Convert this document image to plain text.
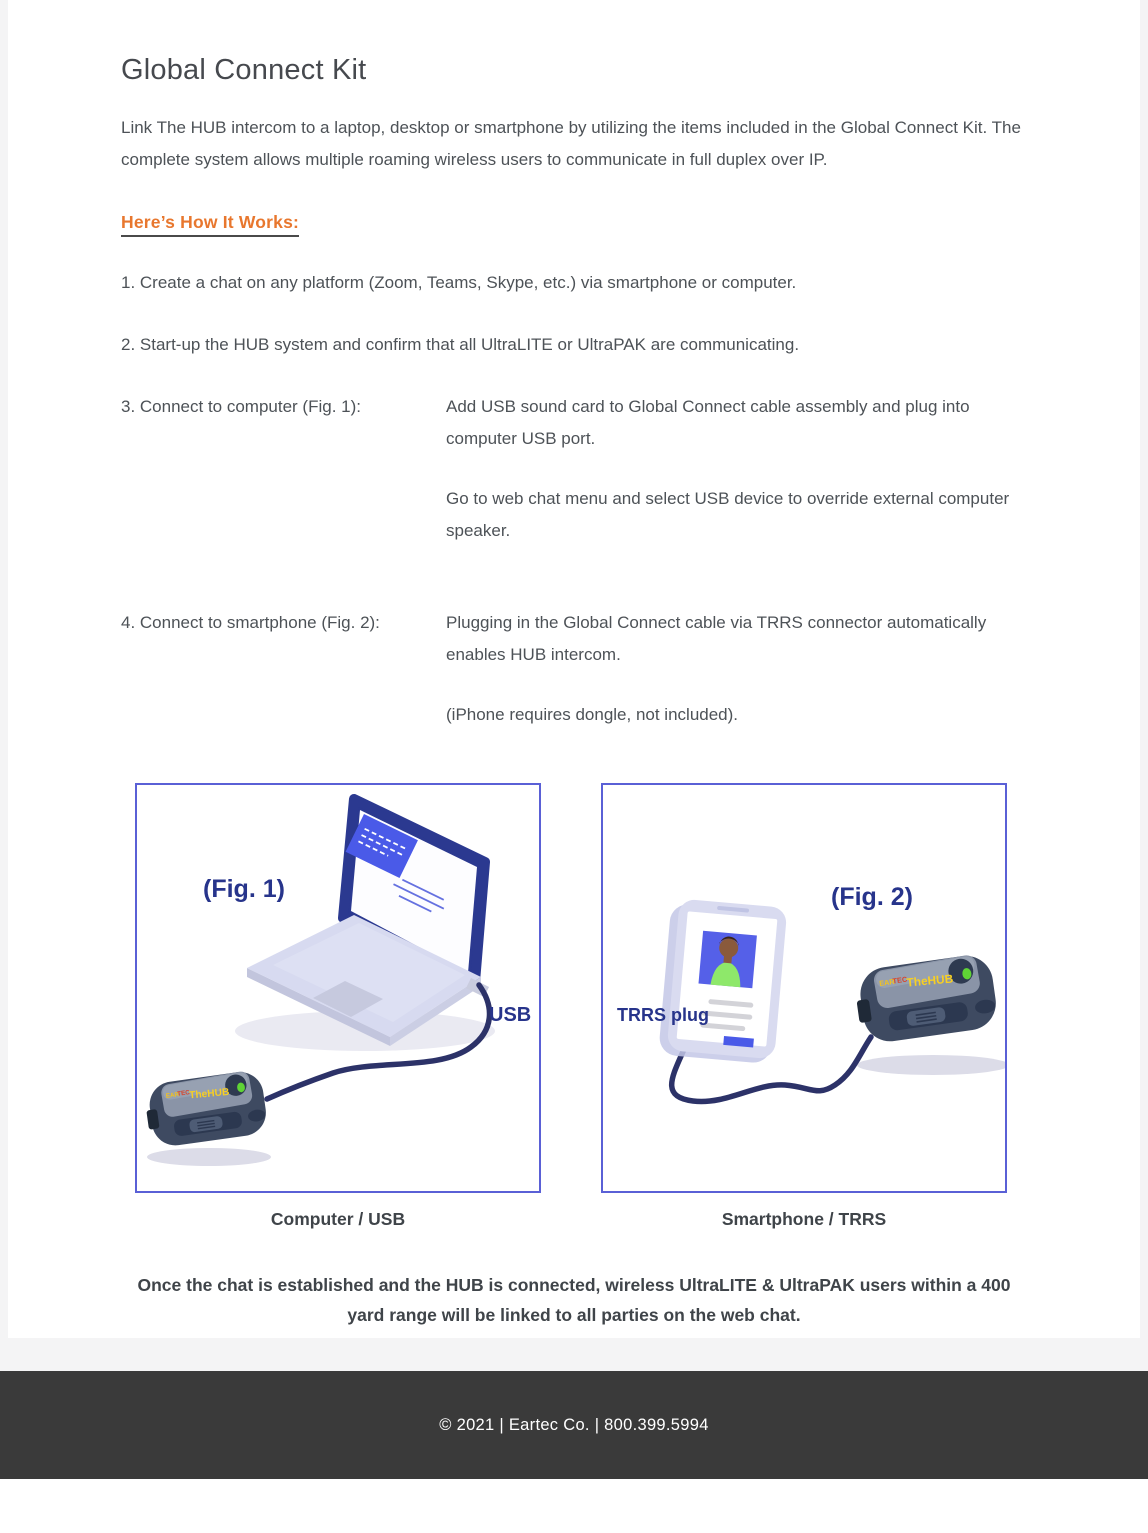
Global Connect Kit

Link The HUB intercom to a laptop, desktop or smartphone by utilizing the items included in the Global Connect Kit. The complete system allows multiple roaming wireless users to communicate in full duplex over IP.

Here’s How It Works:

1. Create a chat on any platform (Zoom, Teams, Skype, etc.) via smartphone or computer.

2. Start-up the HUB system and confirm that all UltraLITE or UltraPAK are communicating.

3. Connect to computer (Fig. 1):	Add USB sound card to Global Connect cable assembly and plug into computer USB port.

Go to web chat menu and select USB device to override external computer speaker.

4. Connect to smartphone (Fig. 2):	Plugging in the Global Connect cable via TRRS connector automatically enables HUB intercom.

(iPhone requires dongle, not included).

EAR
TEC
TheHUB
(Fig. 1)
USB
Computer / USB
EAR
TEC
TheHUB
(Fig. 2)
TRRS plug
Smartphone / TRRS

Once the chat is established and the HUB is connected, wireless UltraLITE & UltraPAK users within a 400 yard range will be linked to all parties on the web chat.

© 2021 | Eartec Co. | 800.399.5994
